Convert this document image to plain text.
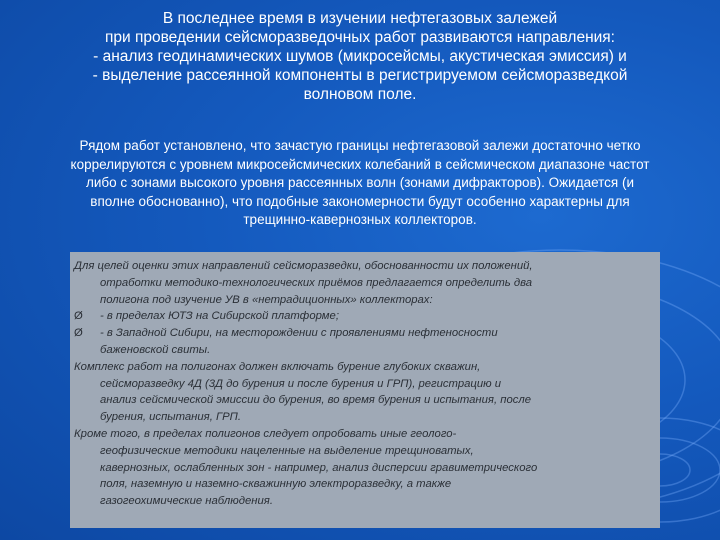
В последнее время в изучении нефтегазовых залежей
при проведении сейсморазведочных работ развиваются направления:
- анализ геодинамических шумов (микросейсмы, акустическая эмиссия) и
- выделение рассеянной компоненты в регистрируемом сейсморазведкой
волновом поле.
Рядом работ установлено, что зачастую границы нефтегазовой залежи достаточно четко
коррелируются с уровнем микросейсмических колебаний в сейсмическом диапазоне частот
либо с зонами высокого уровня рассеянных волн (зонами дифракторов). Ожидается (и
вполне обоснованно), что подобные закономерности будут особенно характерны для
трещинно-кавернозных коллекторов.
Для целей оценки этих направлений сейсморазведки, обоснованности их положений,
отработки методико-технологических приёмов предлагается определить два
полигона под изучение УВ в «нетрадиционных» коллекторах:
Ø - в пределах ЮТЗ на Сибирской платформе;
Ø - в Западной Сибири, на месторождении с проявлениями нефтеносности
баженовской свиты.
Комплекс работ на полигонах должен включать бурение глубоких скважин,
сейсморазведку 4Д (3Д до бурения и после бурения и ГРП), регистрацию и
анализ сейсмической эмиссии до бурения, во время бурения и испытания, после
бурения, испытания, ГРП.
Кроме того, в пределах полигонов следует опробовать иные геолого-
геофизические методики нацеленные на выделение трещиноватых,
кавернозных, ослабленных зон - например, анализ дисперсии гравиметрического
поля, наземную и наземно-скважинную электроразведку, а также
газогеохимические наблюдения.
